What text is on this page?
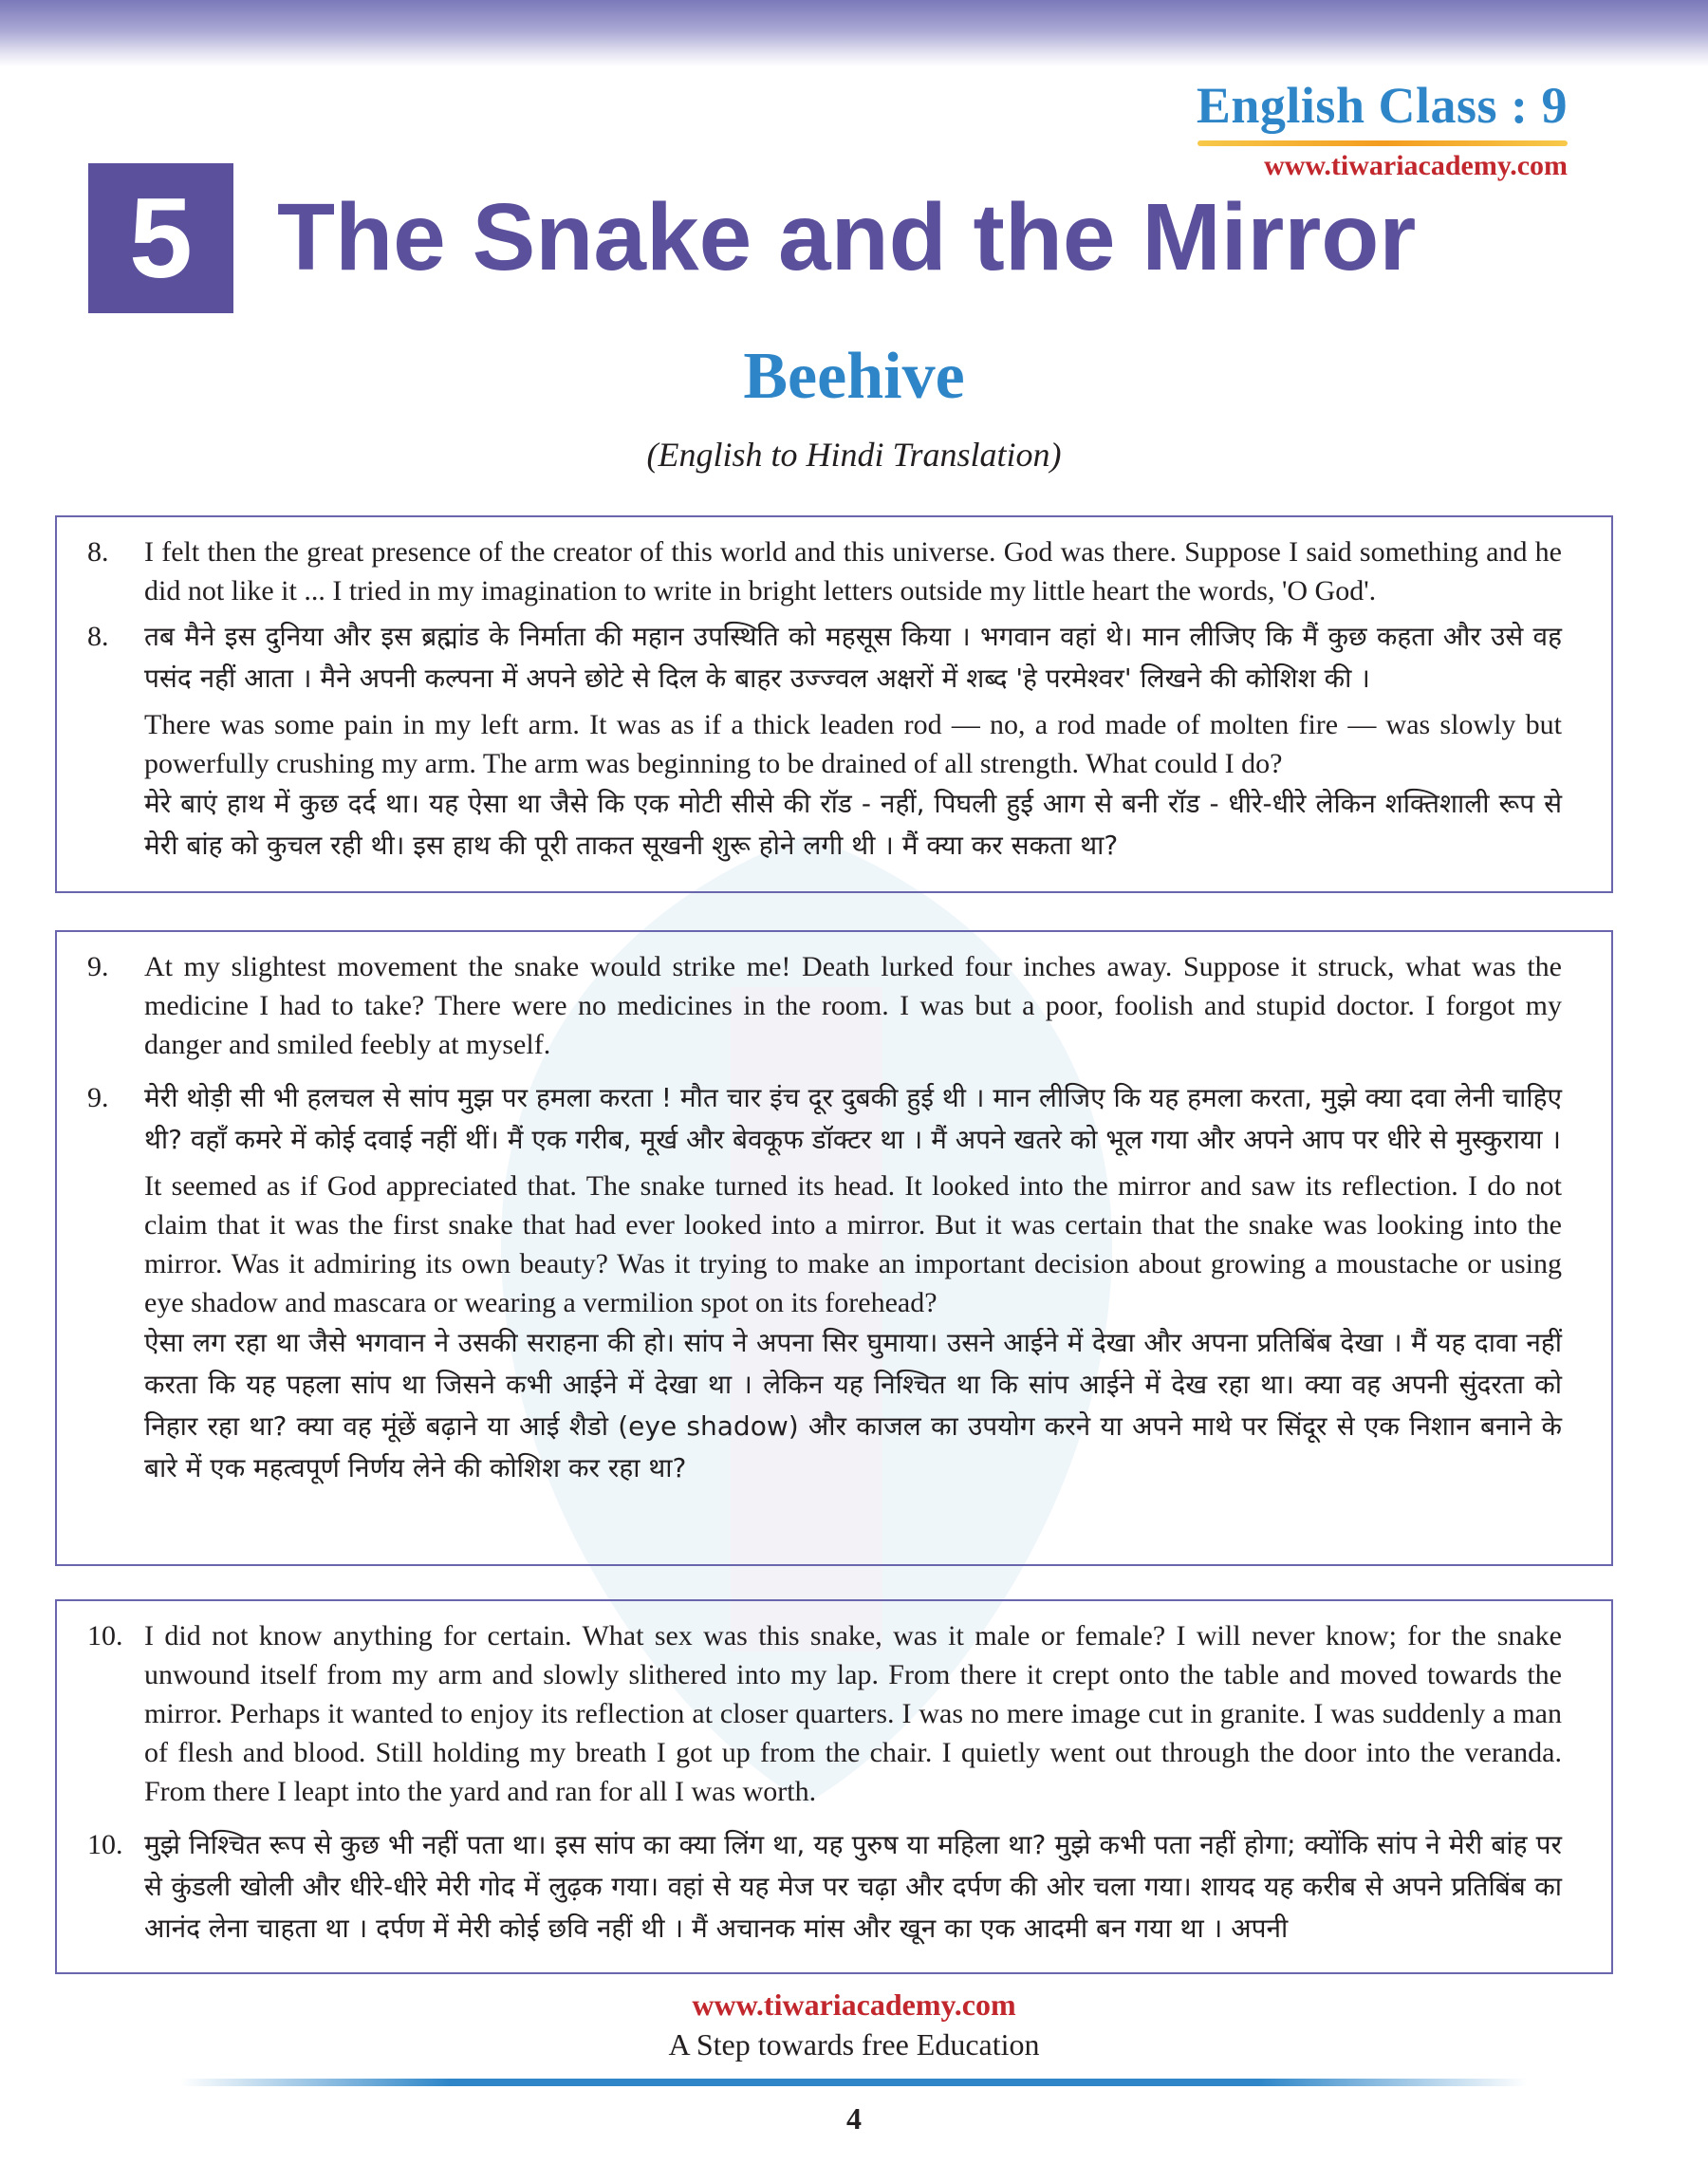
English Class : 9
www.tiwariacademy.com
5 The Snake and the Mirror
Beehive
(English to Hindi Translation)
8. I felt then the great presence of the creator of this world and this universe. God was there. Suppose I said something and he did not like it ... I tried in my imagination to write in bright letters outside my little heart the words, 'O God'.
8. तब मैने इस दुनिया और इस ब्रह्मांड के निर्माता की महान उपस्थिति को महसूस किया । भगवान वहां थे। मान लीजिए कि मैं कुछ कहता और उसे वह पसंद नहीं आता । मैने अपनी कल्पना में अपने छोटे से दिल के बाहर उज्ज्वल अक्षरों में शब्द 'हे परमेश्वर' लिखने की कोशिश की ।
There was some pain in my left arm. It was as if a thick leaden rod — no, a rod made of molten fire — was slowly but powerfully crushing my arm. The arm was beginning to be drained of all strength. What could I do?
मेरे बाएं हाथ में कुछ दर्द था। यह ऐसा था जैसे कि एक मोटी सीसे की रॉड - नहीं, पिघली हुई आग से बनी रॉड - धीरे-धीरे लेकिन शक्तिशाली रूप से मेरी बांह को कुचल रही थी। इस हाथ की पूरी ताकत सूखनी शुरू होने लगी थी । मैं क्या कर सकता था?
9. At my slightest movement the snake would strike me! Death lurked four inches away. Suppose it struck, what was the medicine I had to take? There were no medicines in the room. I was but a poor, foolish and stupid doctor. I forgot my danger and smiled feebly at myself.
9. मेरी थोड़ी सी भी हलचल से सांप मुझ पर हमला करता ! मौत चार इंच दूर दुबकी हुई थी । मान लीजिए कि यह हमला करता, मुझे क्या दवा लेनी चाहिए थी? वहाँ कमरे में कोई दवाई नहीं थीं। मैं एक गरीब, मूर्ख और बेवकूफ डॉक्टर था । मैं अपने खतरे को भूल गया और अपने आप पर धीरे से मुस्कुराया ।
It seemed as if God appreciated that. The snake turned its head. It looked into the mirror and saw its reflection. I do not claim that it was the first snake that had ever looked into a mirror. But it was certain that the snake was looking into the mirror. Was it admiring its own beauty? Was it trying to make an important decision about growing a moustache or using eye shadow and mascara or wearing a vermilion spot on its forehead?
ऐसा लग रहा था जैसे भगवान ने उसकी सराहना की हो। सांप ने अपना सिर घुमाया। उसने आईने में देखा और अपना प्रतिबिंब देखा । मैं यह दावा नहीं करता कि यह पहला सांप था जिसने कभी आईने में देखा था । लेकिन यह निश्चित था कि सांप आईने में देख रहा था। क्या वह अपनी सुंदरता को निहार रहा था? क्या वह मूंछें बढ़ाने या आई शैडो (eye shadow) और काजल का उपयोग करने या अपने माथे पर सिंदूर से एक निशान बनाने के बारे में एक महत्वपूर्ण निर्णय लेने की कोशिश कर रहा था?
10. I did not know anything for certain. What sex was this snake, was it male or female? I will never know; for the snake unwound itself from my arm and slowly slithered into my lap. From there it crept onto the table and moved towards the mirror. Perhaps it wanted to enjoy its reflection at closer quarters. I was no mere image cut in granite. I was suddenly a man of flesh and blood. Still holding my breath I got up from the chair. I quietly went out through the door into the veranda. From there I leapt into the yard and ran for all I was worth.
10. मुझे निश्चित रूप से कुछ भी नहीं पता था। इस सांप का क्या लिंग था, यह पुरुष या महिला था? मुझे कभी पता नहीं होगा; क्योंकि सांप ने मेरी बांह पर से कुंडली खोली और धीरे-धीरे मेरी गोद में लुढ़क गया। वहां से यह मेज पर चढ़ा और दर्पण की ओर चला गया। शायद यह करीब से अपने प्रतिबिंब का आनंद लेना चाहता था । दर्पण में मेरी कोई छवि नहीं थी । मैं अचानक मांस और खून का एक आदमी बन गया था । अपनी
www.tiwariacademy.com
A Step towards free Education
4
